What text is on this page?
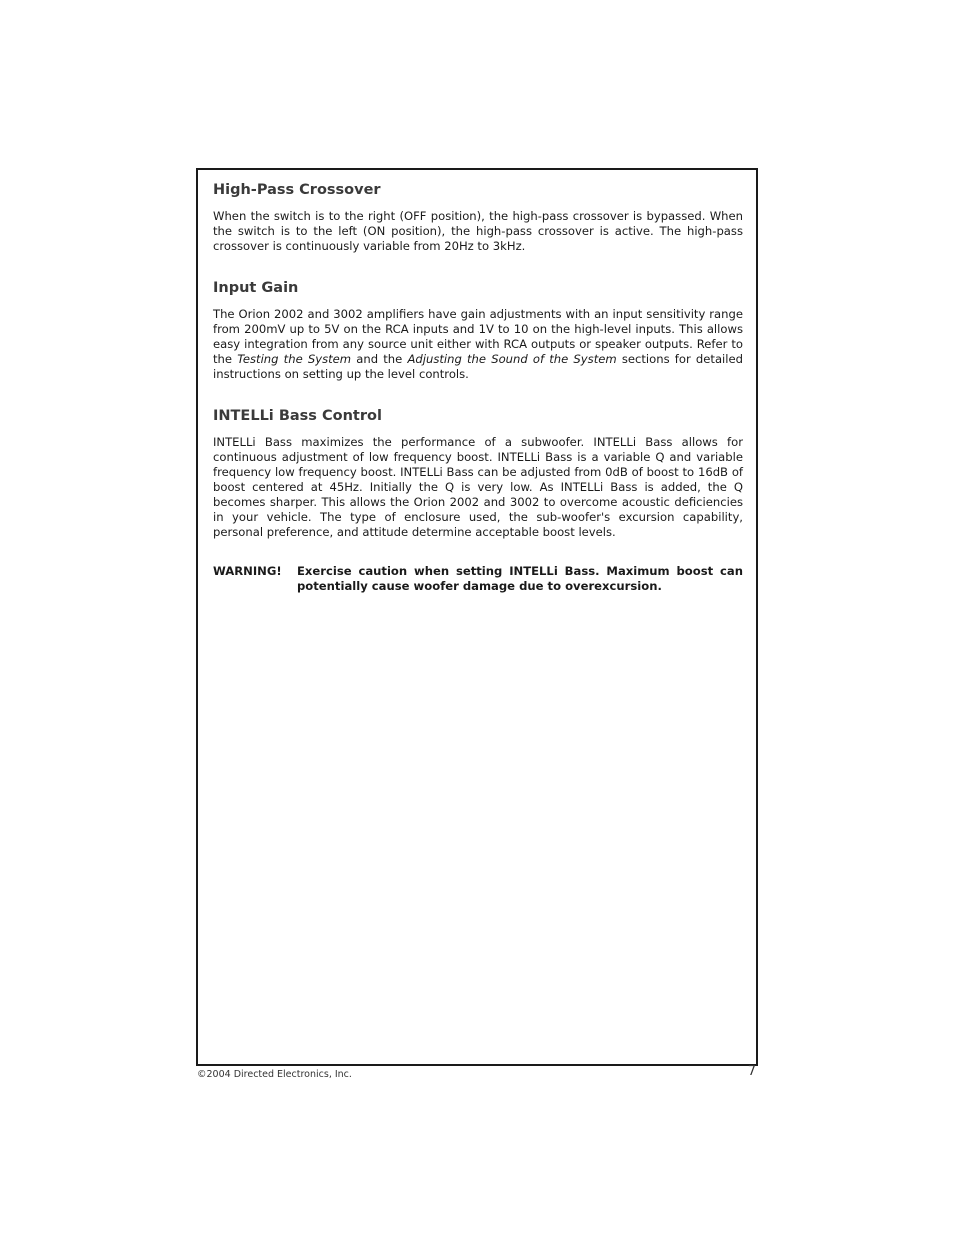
High-Pass Crossover

When the switch is to the right (OFF position), the high-pass crossover is bypassed. When the switch is to the left (ON position), the high-pass crossover is active. The high-pass crossover is continuously variable from 20Hz to 3kHz.

Input Gain

The Orion 2002 and 3002 amplifiers have gain adjustments with an input sensitivity range from 200mV up to 5V on the RCA inputs and 1V to 10 on the high-level inputs. This allows easy integration from any source unit either with RCA outputs or speaker outputs. Refer to the Testing the System and the Adjusting the Sound of the System sections for detailed instructions on setting up the level controls.

INTELLi Bass Control

INTELLi Bass maximizes the performance of a subwoofer. INTELLi Bass allows for continuous adjustment of low frequency boost. INTELLi Bass is a variable Q and variable frequency low frequency boost. INTELLi Bass can be adjusted from 0dB of boost to 16dB of boost centered at 45Hz. Initially the Q is very low. As INTELLi Bass is added, the Q becomes sharper. This allows the Orion 2002 and 3002 to overcome acoustic deficiencies in your vehicle. The type of enclosure used, the sub-woofer's excursion capability, personal preference, and attitude determine acceptable boost levels.

WARNING!	Exercise caution when setting INTELLi Bass. Maximum boost can potentially cause woofer damage due to overexcursion.
©2004 Directed Electronics, Inc.	7
